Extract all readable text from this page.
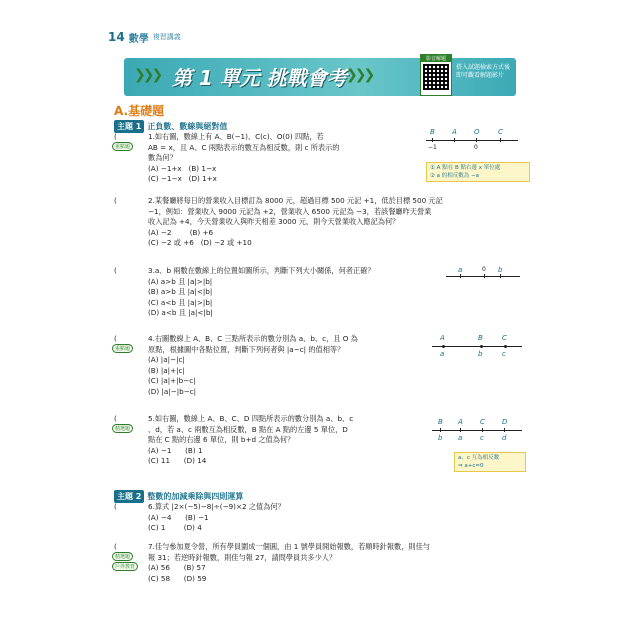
14 數學 複習講義
❯❯❯ 第 1 單元 挑戰會考 ❯❯❯
影音解題
搭入試題檢索方式後即可觀看解題影片
A.基礎題
主題 1 正負數、數線與絕對值
(	1.如右圖，數線上有 A、B(−1)、C(c)、O(0) 四點，若
AB = x，且 A、C 兩點表示的數互為相反數，則 c 所表示的
數為何？
(A) −1+x (B) 1−x
(C) −1−x (D) 1+x
重點題
(	2.某餐廳將每日的營業收入目標訂為 8000 元，超過目標 500 元記 +1，低於目標 500 元記
−1，例如：營業收入 9000 元記為 +2，營業收入 6500 元記為 −3，若該餐廳昨天營業
收入記為 +4，今天營業收入與昨天相差 3000 元，則今天營業收入應記為何？
(A) −2	(B) +6
(C) −2 或 +6 (D) −2 或 +10
(	3.a、b 兩數在數線上的位置如圖所示，判斷下列大小關係，何者正確？
(A) a>b 且 |a|>|b|
(B) a>b 且 |a|<|b|
(C) a<b 且 |a|>|b|
(D) a<b 且 |a|<|b|
(	4.右圖數線上 A、B、C 三點所表示的數分別為 a、b、c，且 O 為
原點，根據圖中各點位置，判斷下列何者與 |a−c| 的值相等？
(A) |a|−|c|
(B) |a|+|c|
(C) |a|+|b−c|
(D) |a|−|b−c|
重點題
(	5.如右圖，數線上 A、B、C、D 四點所表示的數分別為 a、b、c
、d，若 a、c 兩數互為相反數，B 點在 A 點的左邊 5 單位，D
點在 C 點的右邊 6 單位，則 b+d 之值為何？
(A) −1 (B) 1
(C) 11 (D) 14
精選題
主題 2 整數的加減乘除與四則運算
(	6.算式 |2×(−5)−8|÷(−9)×2 之值為何？
(A) −4 (B) −1
(C) 1	(D) 4
(	7.佳勻參加夏令營，所有學員圍成一個圓，由 1 號學員開始報數，若順時針報數，則佳勻
報 31；若逆時針報數，則佳勻報 27，請問學員共多少人？
(A) 56 (B) 57
(C) 58 (D) 59
精選題
戶外教育
B A O	C
−1	0
① A 點在 B 點右邊 x 單位處
② a 的相反數為 −a
a	0 b
A	B	C
a	b	c
B A C D
b a	c	d
a、c 互為相反數
⇒ a+c=0
